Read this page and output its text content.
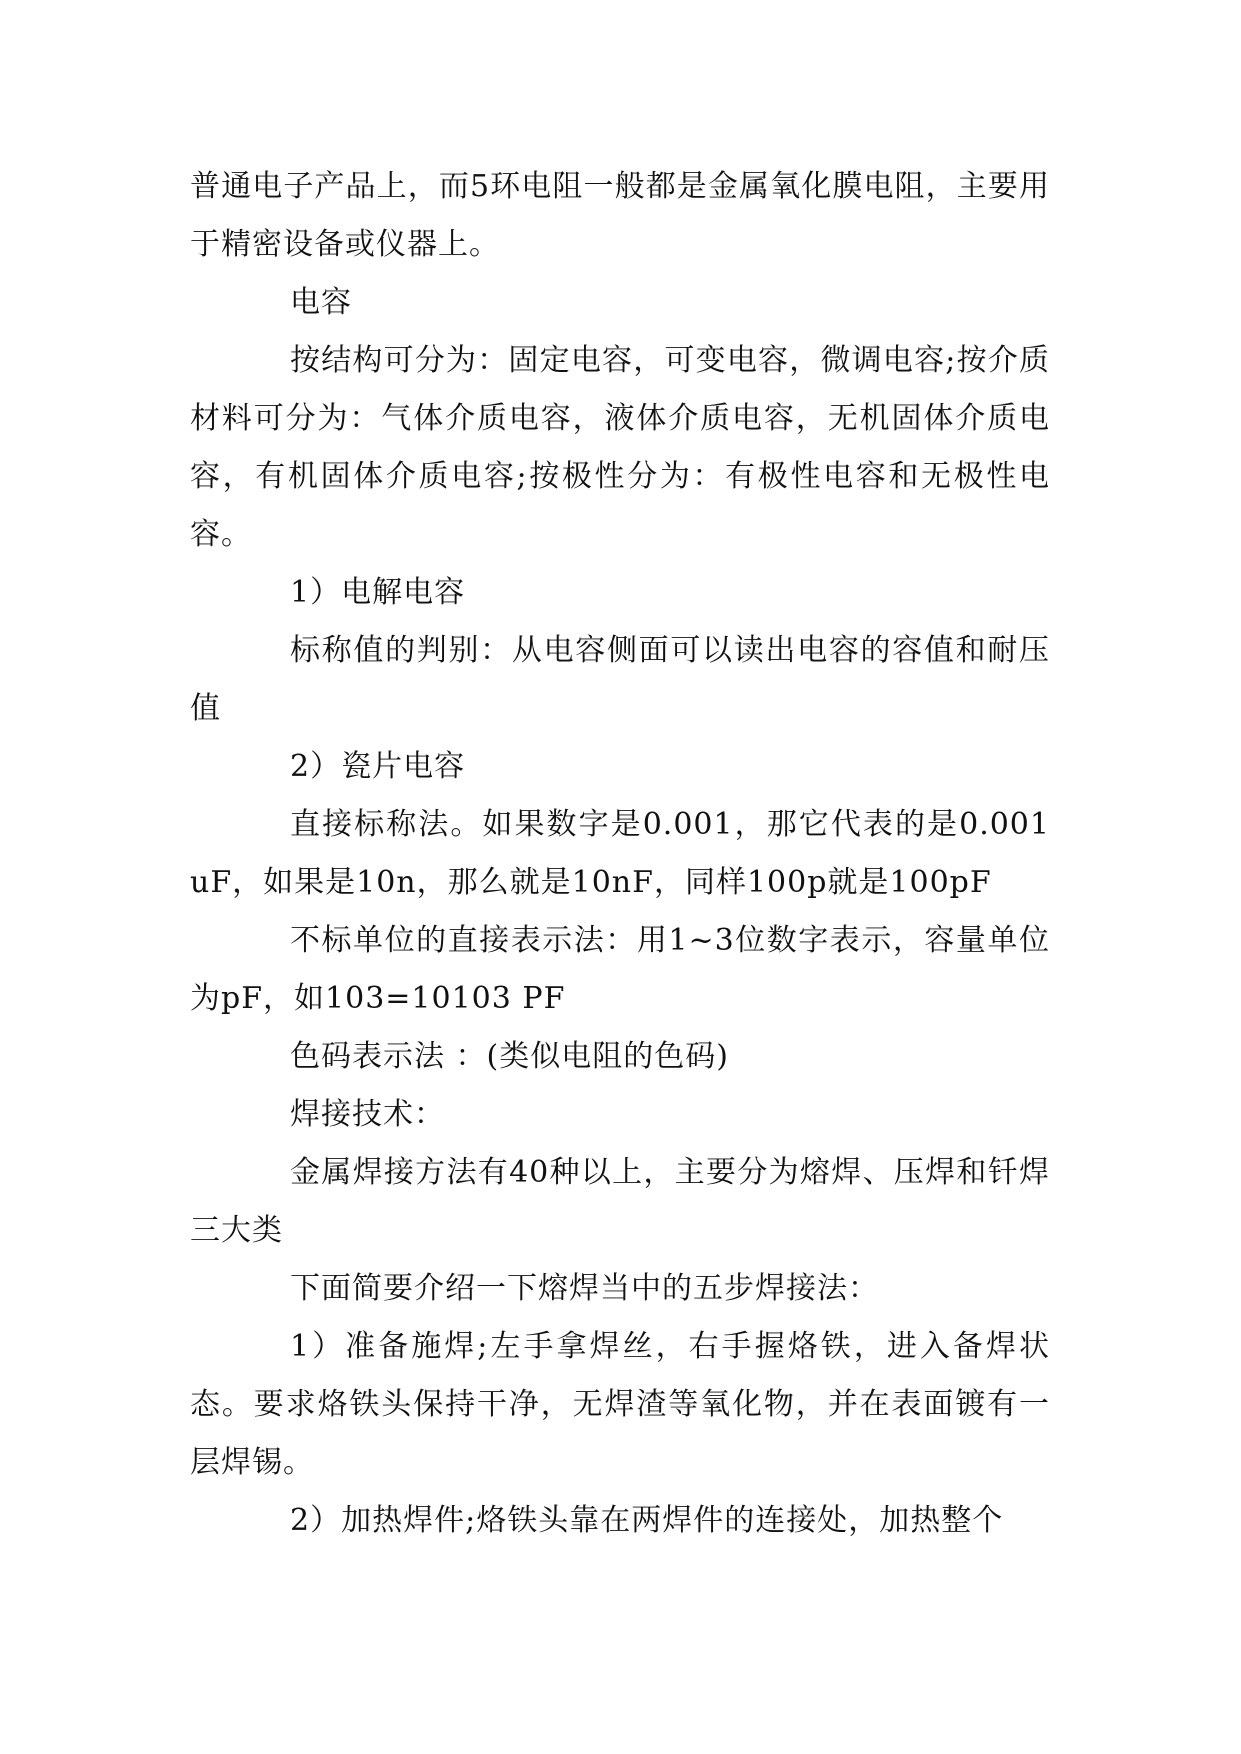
普通电子产品上，而5环电阻一般都是金属氧化膜电阻，主要用于精密设备或仪器上。

电容

按结构可分为：固定电容，可变电容，微调电容;按介质材料可分为：气体介质电容，液体介质电容，无机固体介质电容，有机固体介质电容;按极性分为：有极性电容和无极性电容。

1）电解电容

标称值的判别：从电容侧面可以读出电容的容值和耐压值

2）瓷片电容

直接标称法。如果数字是0.001，那它代表的是0.001uF，如果是10n，那么就是10nF，同样100p就是100pF

不标单位的直接表示法：用1~3位数字表示，容量单位为pF，如103=10103 PF

色码表示法 ：(类似电阻的色码)

焊接技术：

金属焊接方法有40种以上，主要分为熔焊、压焊和钎焊三大类

下面简要介绍一下熔焊当中的五步焊接法：

1）准备施焊;左手拿焊丝，右手握烙铁，进入备焊状态。要求烙铁头保持干净，无焊渣等氧化物，并在表面镀有一层焊锡。

2）加热焊件;烙铁头靠在两焊件的连接处，加热整个
